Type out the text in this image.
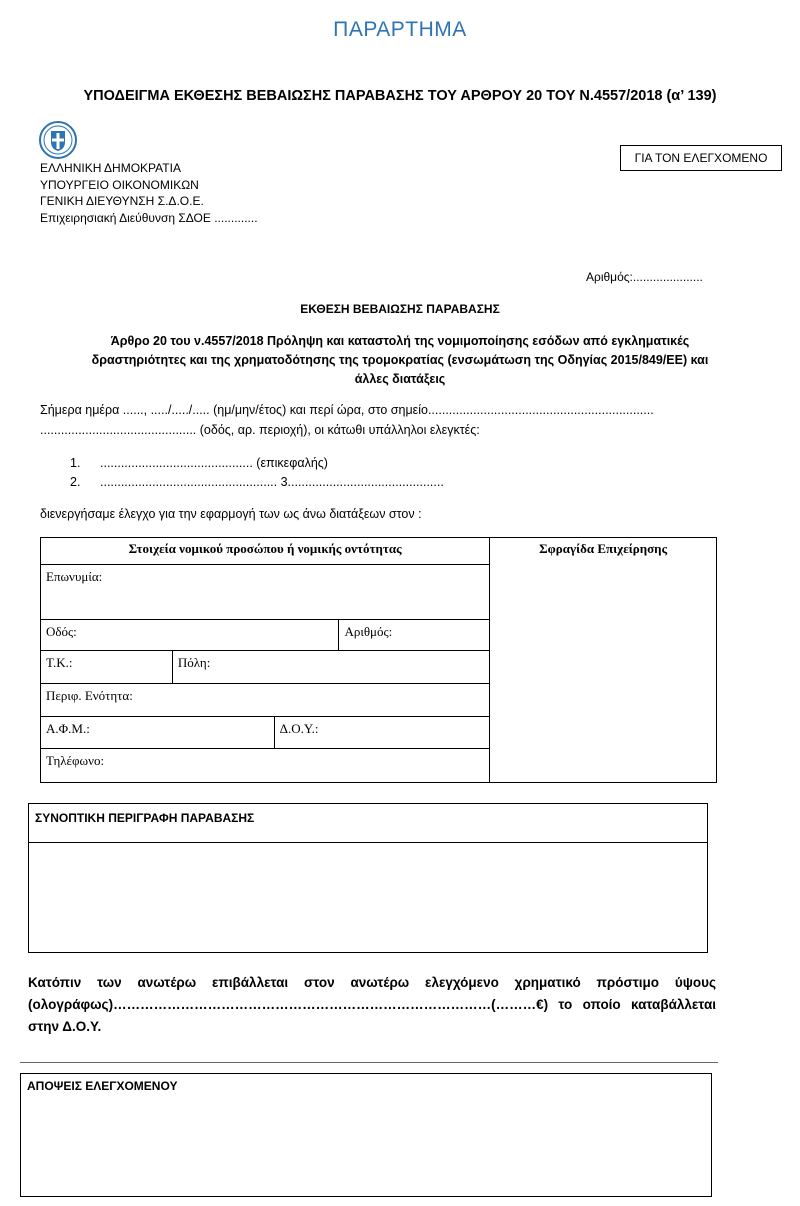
ΠΑΡΑΡΤΗΜΑ
ΥΠΟΔΕΙΓΜΑ ΕΚΘΕΣΗΣ ΒΕΒΑΙΩΣΗΣ ΠΑΡΑΒΑΣΗΣ ΤΟΥ ΑΡΘΡΟΥ 20 ΤΟΥ Ν.4557/2018 (α’ 139)
ΕΛΛΗΝΙΚΗ ΔΗΜΟΚΡΑΤΙΑ
ΥΠΟΥΡΓΕΙΟ ΟΙΚΟΝΟΜΙΚΩΝ
ΓΕΝΙΚΗ ΔΙΕΥΘΥΝΣΗ Σ.Δ.Ο.Ε.
Επιχειρησιακή Διεύθυνση ΣΔΟΕ .............
ΓΙΑ ΤΟΝ ΕΛΕΓΧΟΜΕΝΟ
Αριθμός:.....................
ΕΚΘΕΣΗ ΒΕΒΑΙΩΣΗΣ ΠΑΡΑΒΑΣΗΣ
Άρθρο 20 του ν.4557/2018 Πρόληψη και καταστολή της νομιμοποίησης εσόδων από εγκληματικές
δραστηριότητες και της χρηματοδότησης της τρομοκρατίας (ενσωμάτωση της Οδηγίας 2015/849/ΕΕ) και
άλλες διατάξεις
Σήμερα ημέρα ......, ...../...../..... (ημ/μην/έτος) και περί ώρα, στο σημείο.................................................................
............................................. (οδός, αρ. περιοχή), οι κάτωθι υπάλληλοι ελεγκτές:
1. ............................................ (επικεφαλής)
2. ................................................... 3.............................................
διενεργήσαμε έλεγχο για την εφαρμογή των ως άνω διατάξεων στον :
Στοιχεία νομικού προσώπου ή νομικής οντότητας				Σφραγίδα Επιχείρησης

Επωνυμία:				

Οδός:			Αριθμός:	

Τ.Κ.:	Πόλη:			

Περιφ. Ενότητα:				

Α.Φ.Μ.:		Δ.Ο.Υ.:		

Τηλέφωνο:				
ΣΥΝΟΠΤΙΚΗ ΠΕΡΙΓΡΑΦΗ ΠΑΡΑΒΑΣΗΣ
Κατόπιν των ανωτέρω επιβάλλεται στον ανωτέρω ελεγχόμενο χρηματικό πρόστιμο ύψους (ολογράφως)…………………………………………………………………………(………€) το οποίο καταβάλλεται στην Δ.Ο.Υ.
ΑΠΟΨΕΙΣ ΕΛΕΓΧΟΜΕΝΟΥ
